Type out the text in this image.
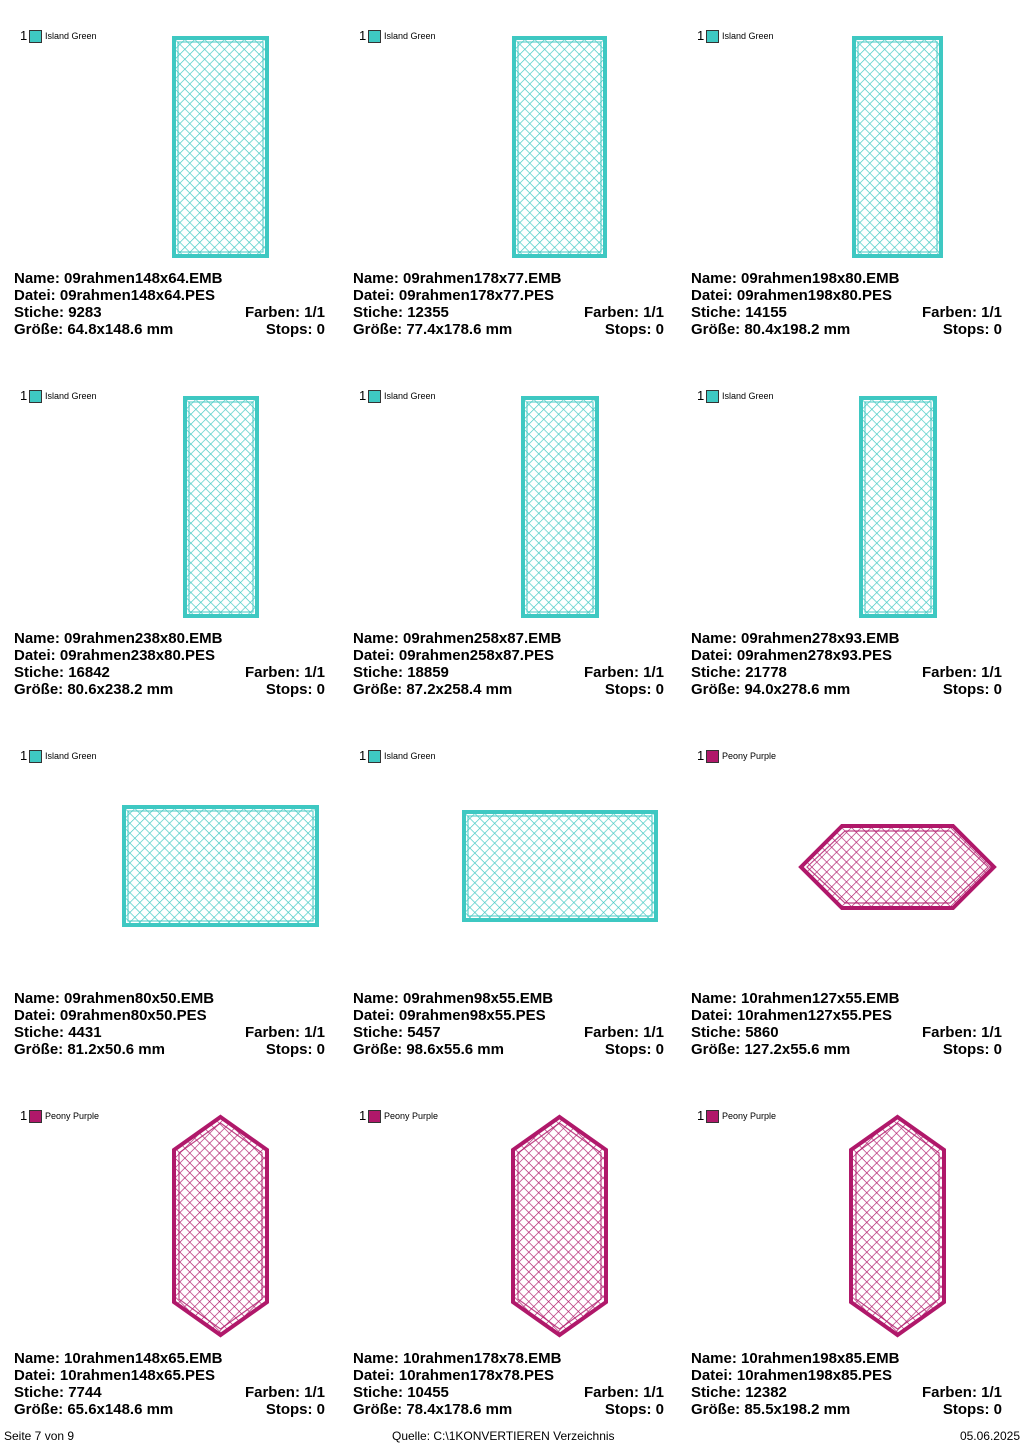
1 Island Green
Name: 09rahmen148x64.EMB
Datei: 09rahmen148x64.PES
Stiche: 9283	Farben: 1/1
Größe: 64.8x148.6 mm	Stops: 0
1 Island Green
Name: 09rahmen178x77.EMB
Datei: 09rahmen178x77.PES
Stiche: 12355	Farben: 1/1
Größe: 77.4x178.6 mm	Stops: 0
1 Island Green
Name: 09rahmen198x80.EMB
Datei: 09rahmen198x80.PES
Stiche: 14155	Farben: 1/1
Größe: 80.4x198.2 mm	Stops: 0
1 Island Green
Name: 09rahmen238x80.EMB
Datei: 09rahmen238x80.PES
Stiche: 16842	Farben: 1/1
Größe: 80.6x238.2 mm	Stops: 0
1 Island Green
Name: 09rahmen258x87.EMB
Datei: 09rahmen258x87.PES
Stiche: 18859	Farben: 1/1
Größe: 87.2x258.4 mm	Stops: 0
1 Island Green
Name: 09rahmen278x93.EMB
Datei: 09rahmen278x93.PES
Stiche: 21778	Farben: 1/1
Größe: 94.0x278.6 mm	Stops: 0
1 Island Green
Name: 09rahmen80x50.EMB
Datei: 09rahmen80x50.PES
Stiche: 4431	Farben: 1/1
Größe: 81.2x50.6 mm	Stops: 0
1 Island Green
Name: 09rahmen98x55.EMB
Datei: 09rahmen98x55.PES
Stiche: 5457	Farben: 1/1
Größe: 98.6x55.6 mm	Stops: 0
1 Peony Purple
Name: 10rahmen127x55.EMB
Datei: 10rahmen127x55.PES
Stiche: 5860	Farben: 1/1
Größe: 127.2x55.6 mm	Stops: 0
1 Peony Purple
Name: 10rahmen148x65.EMB
Datei: 10rahmen148x65.PES
Stiche: 7744	Farben: 1/1
Größe: 65.6x148.6 mm	Stops: 0
1 Peony Purple
Name: 10rahmen178x78.EMB
Datei: 10rahmen178x78.PES
Stiche: 10455	Farben: 1/1
Größe: 78.4x178.6 mm	Stops: 0
1 Peony Purple
Name: 10rahmen198x85.EMB
Datei: 10rahmen198x85.PES
Stiche: 12382	Farben: 1/1
Größe: 85.5x198.2 mm	Stops: 0
Seite 7 von 9	Quelle: C:\1KONVERTIEREN Verzeichnis	05.06.2025
